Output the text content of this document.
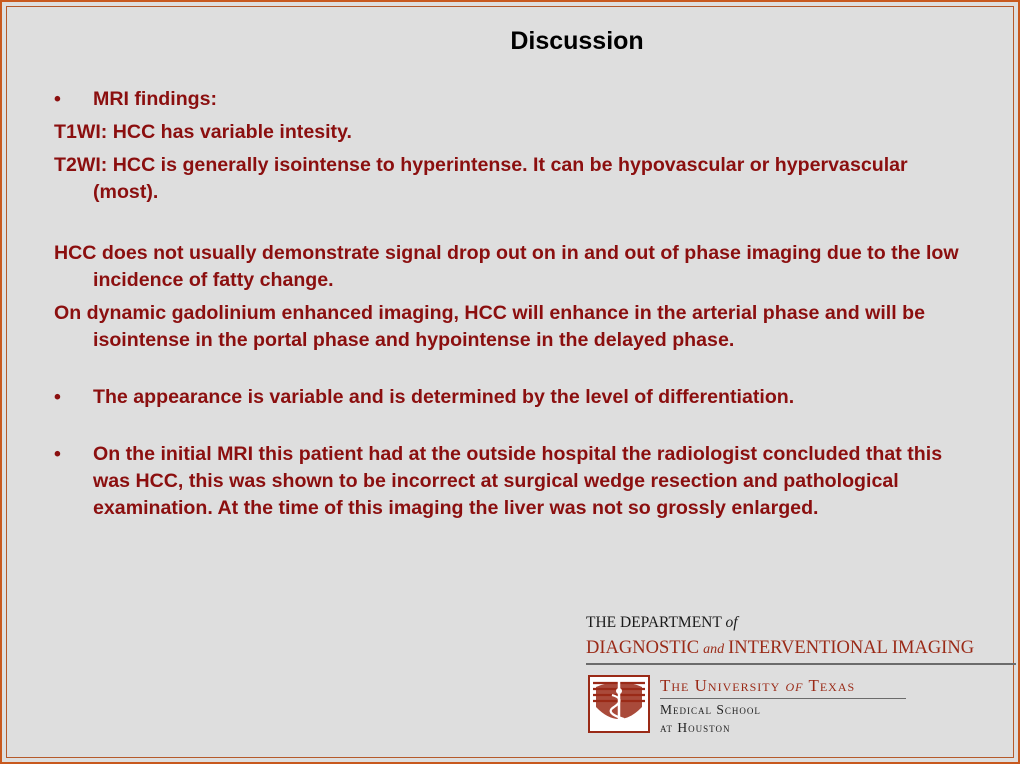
Discussion

• MRI findings:

T1WI: HCC has variable intesity.

T2WI: HCC is generally isointense to hyperintense. It can be hypovascular or hypervascular (most).

HCC does not usually demonstrate signal drop out on in and out of phase imaging due to the low incidence of fatty change.

On dynamic gadolinium enhanced imaging, HCC will enhance in the arterial phase and will be isointense in the portal phase and hypointense in the delayed phase.

• The appearance is variable and is determined by the level of differentiation.

• On the initial MRI this patient had at the outside hospital the radiologist concluded that this was HCC, this was shown to be incorrect at surgical wedge resection and pathological examination. At the time of this imaging the liver was not so grossly enlarged.

THE DEPARTMENT of
DIAGNOSTIC and INTERVENTIONAL IMAGING
The University of Texas
Medical School
at Houston
